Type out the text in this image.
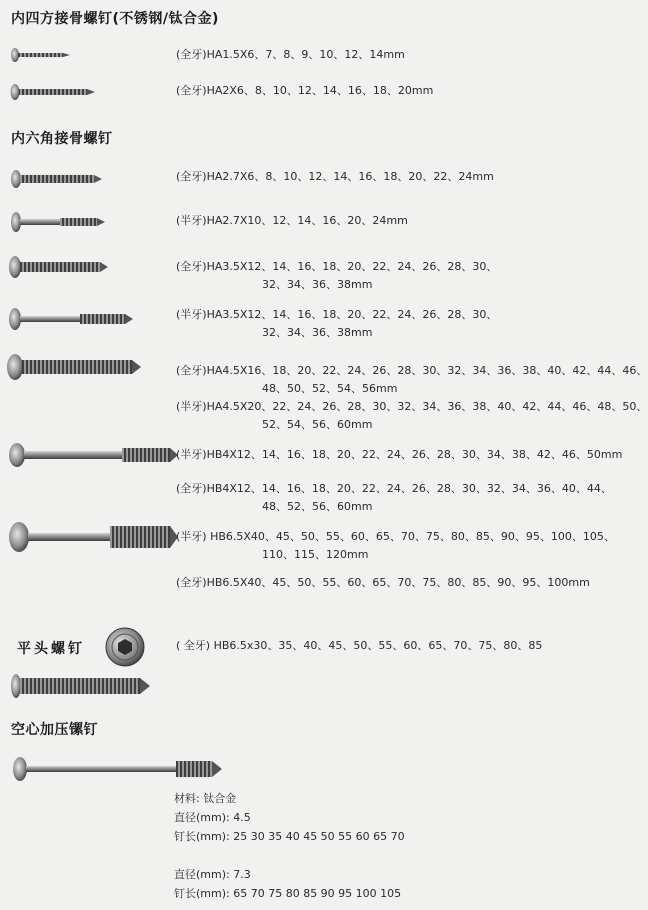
内四方接骨螺钉(不锈钢/钛合金)
(全牙)HA1.5X6、7、8、9、10、12、14mm
(全牙)HA2X6、8、10、12、14、16、18、20mm
内六角接骨螺钉
(全牙)HA2.7X6、8、10、12、14、16、18、20、22、24mm
(半牙)HA2.7X10、12、14、16、20、24mm
(全牙)HA3.5X12、14、16、18、20、22、24、26、28、30、
32、34、36、38mm
(半牙)HA3.5X12、14、16、18、20、22、24、26、28、30、
32、34、36、38mm
(全牙)HA4.5X16、18、20、22、24、26、28、30、32、34、36、38、40、42、44、46、
48、50、52、54、56mm
(半牙)HA4.5X20、22、24、26、28、30、32、34、36、38、40、42、44、46、48、50、
52、54、56、60mm
(半牙)HB4X12、14、16、18、20、22、24、26、28、30、34、38、42、46、50mm
(全牙)HB4X12、14、16、18、20、22、24、26、28、30、32、34、36、40、44、
48、52、56、60mm
(半牙) HB6.5X40、45、50、55、60、65、70、75、80、85、90、95、100、105、
110、115、120mm
(全牙)HB6.5X40、45、50、55、60、65、70、75、80、85、90、95、100mm
平头螺钉	( 全牙) HB6.5x30、35、40、45、50、55、60、65、70、75、80、85
空心加压镙钉
材料: 钛合金
直径(mm): 4.5
钉长(mm): 25 30 35 40 45 50 55 60 65 70
直径(mm): 7.3
钉长(mm): 65 70 75 80 85 90 95 100 105
